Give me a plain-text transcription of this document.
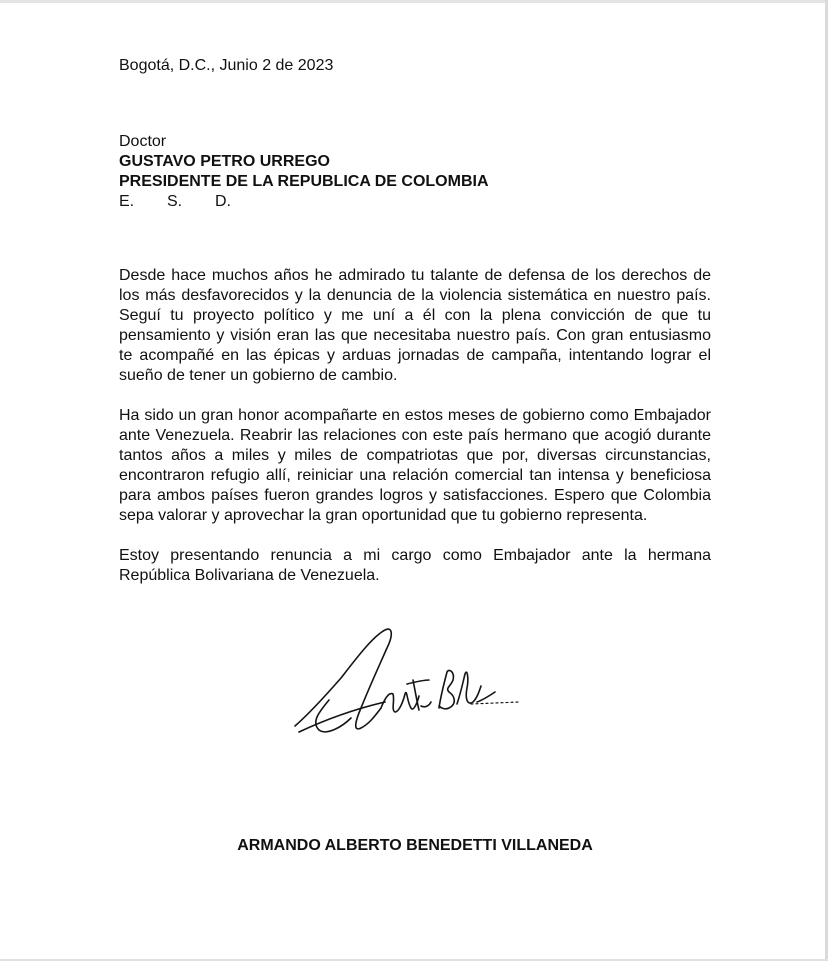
Bogotá, D.C., Junio 2 de 2023
Doctor
GUSTAVO PETRO URREGO
PRESIDENTE DE LA REPUBLICA DE COLOMBIA
E.	S.	D.

Desde hace muchos años he admirado tu talante de defensa de los derechos de los más desfavorecidos y la denuncia de la violencia sistemática en nuestro país. Seguí tu proyecto político y me uní a él con la plena convicción de que tu pensamiento y visión eran las que necesitaba nuestro país. Con gran entusiasmo te acompañé en las épicas y arduas jornadas de campaña, intentando lograr el sueño de tener un gobierno de cambio.

Ha sido un gran honor acompañarte en estos meses de gobierno como Embajador ante Venezuela. Reabrir las relaciones con este país hermano que acogió durante tantos años a miles y miles de compatriotas que por, diversas circunstancias, encontraron refugio allí, reiniciar una relación comercial tan intensa y beneficiosa para ambos países fueron grandes logros y satisfacciones. Espero que Colombia sepa valorar y aprovechar la gran oportunidad que tu gobierno representa.

Estoy presentando renuncia a mi cargo como Embajador ante la hermana República Bolivariana de Venezuela.

ARMANDO ALBERTO BENEDETTI VILLANEDA
